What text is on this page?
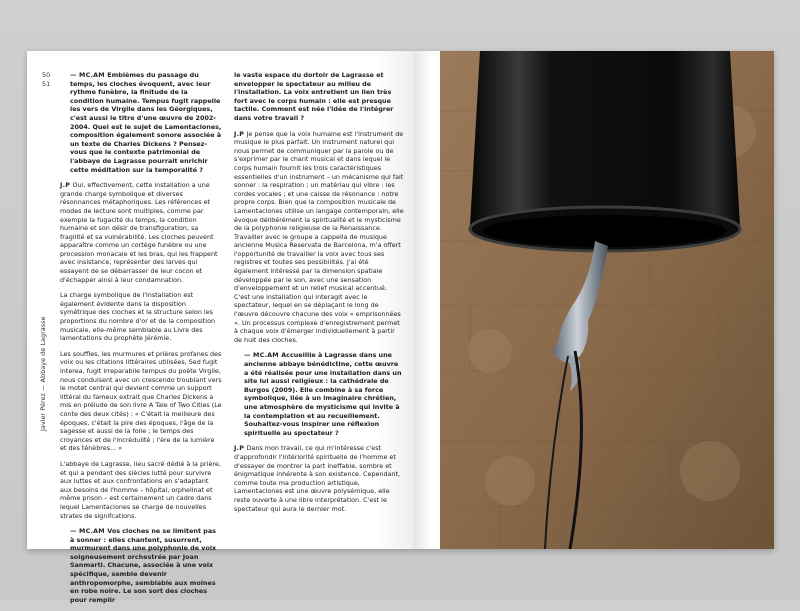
50
51
Javier Pérez — Abbaye de Lagrasse

— MC.AM Emblèmes du passage du temps, les cloches évoquent, avec leur rythme funèbre, la finitude de la condition humaine. Tempus fugit rappelle les vers de Virgile dans les Géorgiques, c'est aussi le titre d'une œuvre de 2002-2004. Quel est le sujet de Lamentaciones, composition également sonore associée à un texte de Charles Dickens ? Pensez-vous que le contexte patrimonial de l'abbaye de Lagrasse pourrait enrichir cette méditation sur la temporalité ?

J.P Oui, effectivement, cette installation a une grande charge symbolique et diverses résonnances métaphoriques. Les références et modes de lecture sont multiples, comme par exemple la fugacité du temps, la condition humaine et son désir de transfiguration, sa fragilité et sa vulnérabilité. Les cloches peuvent apparaître comme un cortège funèbre ou une procession monacale et les bras, qui les frappent avec insistance, représenter des larves qui essayent de se débarrasser de leur cocon et d'échapper ainsi à leur condamnation.

La charge symbolique de l'installation est également évidente dans la disposition symétrique des cloches et la structure selon les proportions du nombre d'or et de la composition musicale, elle-même semblable au Livre des lamentations du prophète Jérémie.

Les souffles, les murmures et prières profanes des voix ou les citations littéraires utilisées, Sed fugit interea, fugit irreparabile tempus du poète Virgile, nous conduisent avec un crescendo troublant vers le motet central qui devient comme un support littéral du fameux extrait que Charles Dickens a mis en prélude de son livre A Tale of Two Cities (Le conte des deux cités) : « C'était la meilleure des époques, c'était la pire des époques, l'âge de la sagesse et aussi de la folie ; le temps des croyances et de l'incrédulité ; l'ère de la lumière et des ténèbres... »

L'abbaye de Lagrasse, lieu sacré dédié à la prière, et qui a pendant des siècles lutté pour survivre aux luttes et aux confrontations en s'adaptant aux besoins de l'homme – hôpital, orphelinat et même prison – est certainement un cadre dans lequel Lamentaciones se charge de nouvelles strates de signifcations.

— MC.AM Vos cloches ne se limitent pas à sonner : elles chantent, susurrent, murmurent dans une polyphonie de voix soigneusement orchestrée par Joan Sanmarti. Chacune, associée à une voix spécifique, semble devenir anthropomorphe, semblable aux moines en robe noire. Le son sort des cloches pour remplir

le vaste espace du dortoir de Lagrasse et envelopper le spectateur au milieu de l'installation. La voix entretient un lien très fort avec le corps humain : elle est presque tactile. Comment est née l'idée de l'intégrer dans votre travail ?

J.P Je pense que la voix humaine est l'instrument de musique le plus parfait. Un instrument naturel qui nous permet de communiquer par la parole ou de s'exprimer par le chant musical et dans lequel le corps humain fournit les trois caractéristiques essentielles d'un instrument – un mécanisme qui fait sonner : la respiration ; un matériau qui vibre : les cordes vocales ; et une caisse de résonance : notre propre corps. Bien que la composition musicale de Lamentaciones utilise un langage contemporain, elle évoque délibérément la spiritualité et le mysticisme de la polyphonie religieuse de la Renaissance. Travailler avec le groupe a cappella de musique ancienne Musica Reservata de Barcelona, m'a offert l'opportunité de travailler la voix avec tous ses registres et toutes ses possibilités. J'ai été également intéressé par la dimension spatiale développée par le son, avec une sensation d'enveloppement et un relief musical accentué. C'est une installation qui interagit avec le spectateur, lequel en se déplaçant le long de l'œuvre découvre chacune des voix « emprisonnées ». Un processus complexe d'enregistrement permet à chaque voix d'émerger individuellement à partir de huit des cloches.

— MC.AM Accueillie à Lagrasse dans une ancienne abbaye bénédictine, cette œuvre a été réalisée pour une installation dans un site lui aussi religieux : la cathédrale de Burgos (2009). Elle combine à sa force symbolique, liée à un imaginaire chrétien, une atmosphère de mysticisme qui invite à la contemplation et au recueillement. Souhaitez-vous inspirer une réflexion spirituelle au spectateur ?

J.P Dans mon travail, ce qui m'intéresse c'est d'approfondir l'intériorité spirituelle de l'homme et d'essayer de montrer la part ineffable, sombre et énigmatique inhérente à son existence. Cependant, comme toute ma production artistique, Lamentaciones est une œuvre polysémique, elle reste ouverte à une libre interprétation. C'est le spectateur qui aura le dernier mot.
